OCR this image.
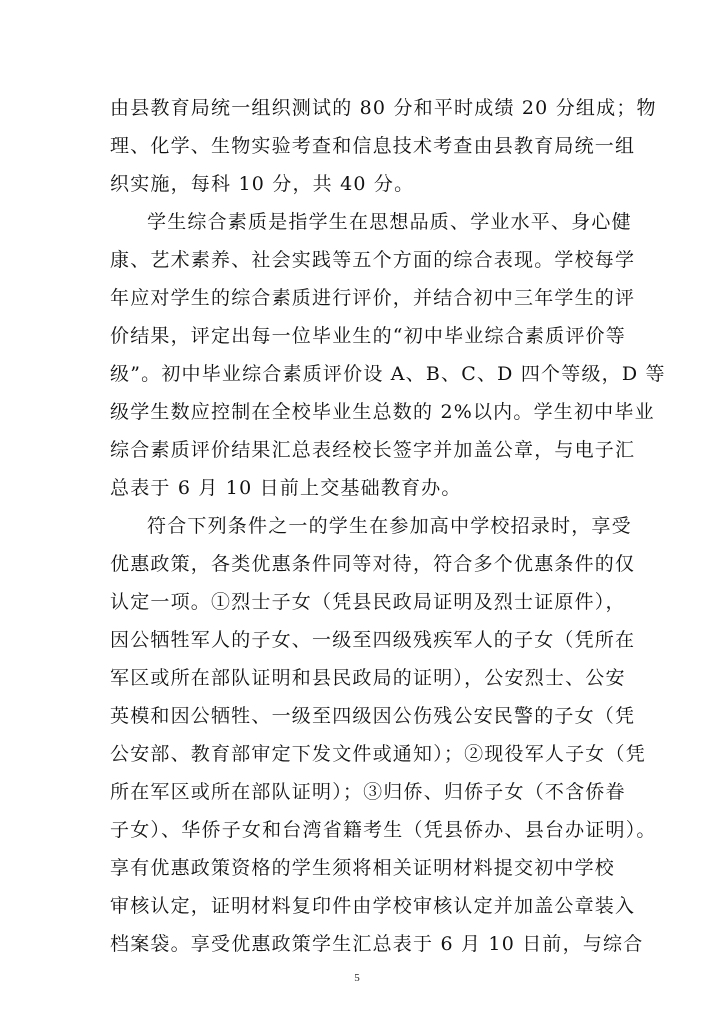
由县教育局统一组织测试的 80 分和平时成绩 20 分组成；物
理、化学、生物实验考查和信息技术考查由县教育局统一组
织实施，每科 10 分，共 40 分。
学生综合素质是指学生在思想品质、学业水平、身心健
康、艺术素养、社会实践等五个方面的综合表现。学校每学
年应对学生的综合素质进行评价，并结合初中三年学生的评
价结果，评定出每一位毕业生的“初中毕业综合素质评价等
级”。初中毕业综合素质评价设 A、B、C、D 四个等级，D 等
级学生数应控制在全校毕业生总数的 2%以内。学生初中毕业
综合素质评价结果汇总表经校长签字并加盖公章，与电子汇
总表于 6 月 10 日前上交基础教育办。
符合下列条件之一的学生在参加高中学校招录时，享受
优惠政策，各类优惠条件同等对待，符合多个优惠条件的仅
认定一项。①烈士子女（凭县民政局证明及烈士证原件），
因公牺牲军人的子女、一级至四级残疾军人的子女（凭所在
军区或所在部队证明和县民政局的证明），公安烈士、公安
英模和因公牺牲、一级至四级因公伤残公安民警的子女（凭
公安部、教育部审定下发文件或通知）；②现役军人子女（凭
所在军区或所在部队证明）；③归侨、归侨子女（不含侨眷
子女）、华侨子女和台湾省籍考生（凭县侨办、县台办证明）。
享有优惠政策资格的学生须将相关证明材料提交初中学校
审核认定，证明材料复印件由学校审核认定并加盖公章装入
档案袋。享受优惠政策学生汇总表于 6 月 10 日前，与综合
5
